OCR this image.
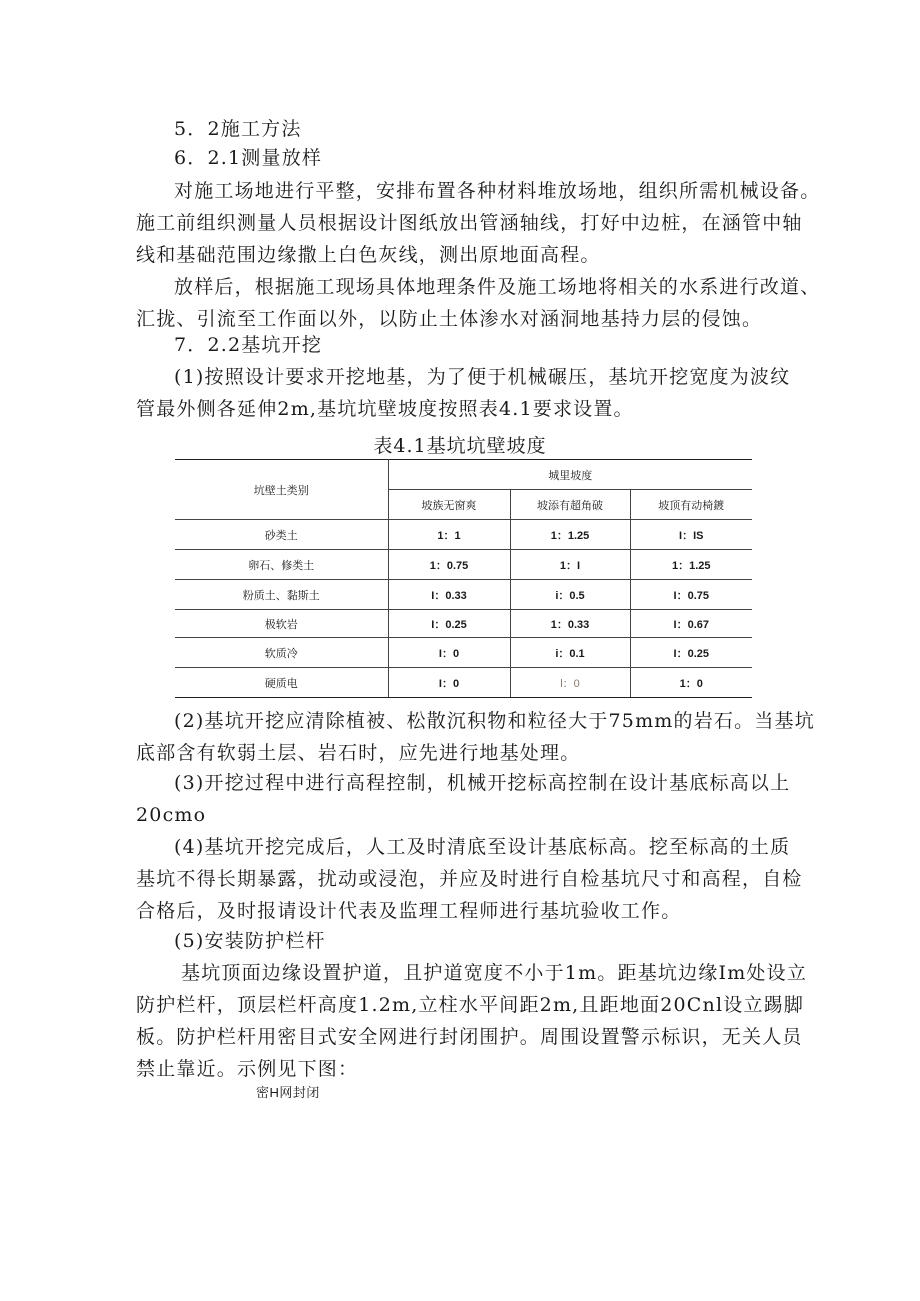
5．2施工方法
6．2.1测量放样
对施工场地进行平整，安排布置各种材料堆放场地，组织所需机械设备。
施工前组织测量人员根据设计图纸放出管涵轴线，打好中边桩，在涵管中轴
线和基础范围边缘撒上白色灰线，测出原地面高程。
放样后，根据施工现场具体地理条件及施工场地将相关的水系进行改道、
汇拢、引流至工作面以外，以防止土体渗水对涵洞地基持力层的侵蚀。
7．2.2基坑开挖
(1)按照设计要求开挖地基，为了便于机械碾压，基坑开挖宽度为波纹
管最外侧各延伸2m,基坑坑壁坡度按照表4.1要求设置。
表4.1基坑坑壁坡度
坑壁土类别	城里坡度		
	坡族无窗爽	坡添有超角破	坡顶有动椅鍍
砂类土	1：1	1：1.25	I：IS
卵石、修类土	1：0.75	1：I	1：1.25
粉质土、黏斯土	I：0.33	i：0.5	I：0.75
极软岩	I：0.25	1：0.33	I：0.67
软质冷	I：0	i：0.1	I：0.25
硬质电	I：0	l：0	1：0
(2)基坑开挖应清除植被、松散沉积物和粒径大于75mm的岩石。当基坑
底部含有软弱土层、岩石时，应先进行地基处理。
(3)开挖过程中进行高程控制，机械开挖标高控制在设计基底标高以上
20cmo
(4)基坑开挖完成后，人工及时清底至设计基底标高。挖至标高的土质
基坑不得长期暴露，扰动或浸泡，并应及时进行自检基坑尺寸和高程，自检
合格后，及时报请设计代表及监理工程师进行基坑验收工作。
(5)安装防护栏杆
基坑顶面边缘设置护道，且护道宽度不小于1m。距基坑边缘Im处设立
防护栏杆，顶层栏杆高度1.2m,立柱水平间距2m,且距地面20Cnl设立踢脚
板。防护栏杆用密目式安全网进行封闭围护。周围设置警示标识，无关人员
禁止靠近。示例见下图：
密H网封闭
